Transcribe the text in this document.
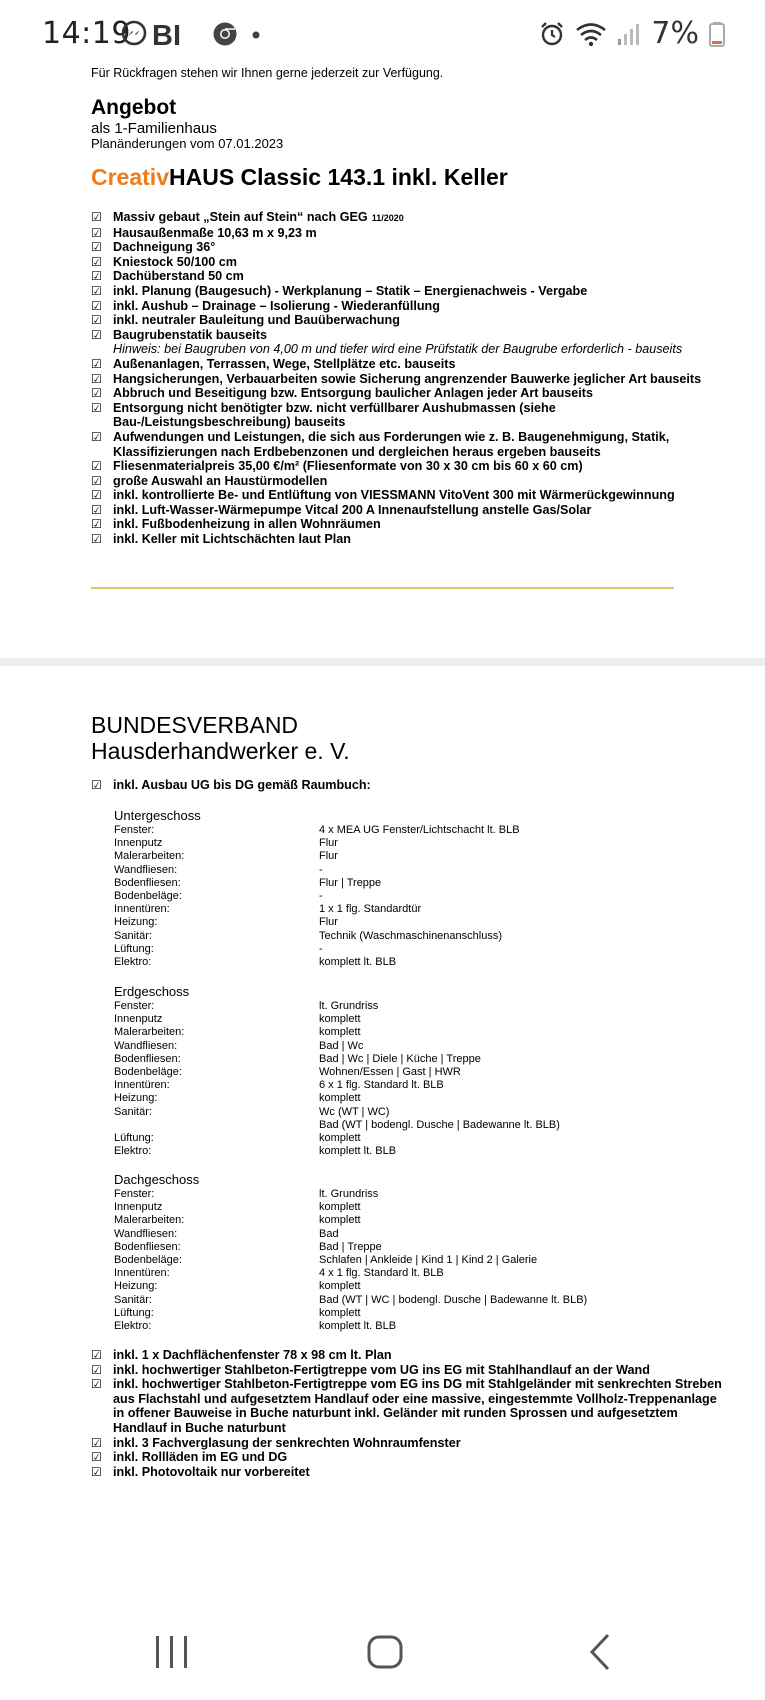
14:19 BI	7%
Für Rückfragen stehen wir Ihnen gerne jederzeit zur Verfügung.
Angebot
als 1-Familienhaus
Planänderungen vom 07.01.2023
CreativHAUS Classic 143.1 inkl. Keller
☑ Massiv gebaut „Stein auf Stein“ nach GEG 11/2020
☑ Hausaußenmaße 10,63 m x 9,23 m
☑ Dachneigung 36°
☑ Kniestock 50/100 cm
☑ Dachüberstand 50 cm
☑ inkl. Planung (Baugesuch) - Werkplanung – Statik – Energienachweis - Vergabe
☑ inkl. Aushub – Drainage – Isolierung - Wiederanfüllung
☑ inkl. neutraler Bauleitung und Bauüberwachung
☑ Baugrubenstatik bauseits
Hinweis: bei Baugruben von 4,00 m und tiefer wird eine Prüfstatik der Baugrube erforderlich - bauseits
☑ Außenanlagen, Terrassen, Wege, Stellplätze etc. bauseits
☑ Hangsicherungen, Verbauarbeiten sowie Sicherung angrenzender Bauwerke jeglicher Art bauseits
☑ Abbruch und Beseitigung bzw. Entsorgung baulicher Anlagen jeder Art bauseits
☑ Entsorgung nicht benötigter bzw. nicht verfüllbarer Aushubmassen (siehe Bau-/Leistungsbeschreibung) bauseits
☑ Aufwendungen und Leistungen, die sich aus Forderungen wie z. B. Baugenehmigung, Statik, Klassifizierungen nach Erdbebenzonen und dergleichen heraus ergeben bauseits
☑ Fliesenmaterialpreis 35,00 €/m² (Fliesenformate von 30 x 30 cm bis 60 x 60 cm)
☑ große Auswahl an Haustürmodellen
☑ inkl. kontrollierte Be- und Entlüftung von VIESSMANN VitoVent 300 mit Wärmerückgewinnung
☑ inkl. Luft-Wasser-Wärmepumpe Vitcal 200 A Innenaufstellung anstelle Gas/Solar
☑ inkl. Fußbodenheizung in allen Wohnräumen
☑ inkl. Keller mit Lichtschächten laut Plan
BUNDESVERBAND
Hausderhandwerker e. V.
☑ inkl. Ausbau UG bis DG gemäß Raumbuch:
Untergeschoss
Fenster:	4 x MEA UG Fenster/Lichtschacht lt. BLB
Innenputz	Flur
Malerarbeiten:	Flur
Wandfliesen:	-
Bodenfliesen:	Flur | Treppe
Bodenbeläge:	-
Innentüren:	1 x 1 flg. Standardtür
Heizung:	Flur
Sanitär:	Technik (Waschmaschinenanschluss)
Lüftung:	-
Elektro:	komplett lt. BLB
Erdgeschoss
Fenster:	lt. Grundriss
Innenputz	komplett
Malerarbeiten:	komplett
Wandfliesen:	Bad | Wc
Bodenfliesen:	Bad | Wc | Diele | Küche | Treppe
Bodenbeläge:	Wohnen/Essen | Gast | HWR
Innentüren:	6 x 1 flg. Standard lt. BLB
Heizung:	komplett
Sanitär:	Wc (WT | WC)
Bad (WT | bodengl. Dusche | Badewanne lt. BLB)
Lüftung:	komplett
Elektro:	komplett lt. BLB
Dachgeschoss
Fenster:	lt. Grundriss
Innenputz	komplett
Malerarbeiten:	komplett
Wandfliesen:	Bad
Bodenfliesen:	Bad | Treppe
Bodenbeläge:	Schlafen | Ankleide | Kind 1 | Kind 2 | Galerie
Innentüren:	4 x 1 flg. Standard lt. BLB
Heizung:	komplett
Sanitär:	Bad (WT | WC | bodengl. Dusche | Badewanne lt. BLB)
Lüftung:	komplett
Elektro:	komplett lt. BLB
☑ inkl. 1 x Dachflächenfenster 78 x 98 cm lt. Plan
☑ inkl. hochwertiger Stahlbeton-Fertigtreppe vom UG ins EG mit Stahlhandlauf an der Wand
☑ inkl. hochwertiger Stahlbeton-Fertigtreppe vom EG ins DG mit Stahlgeländer mit senkrechten Streben aus Flachstahl und aufgesetztem Handlauf oder eine massive, eingestemmte Vollholz-Treppenanlage in offener Bauweise in Buche naturbunt inkl. Geländer mit runden Sprossen und aufgesetztem Handlauf in Buche naturbunt
☑ inkl. 3 Fachverglasung der senkrechten Wohnraumfenster
☑ inkl. Rollläden im EG und DG
☑ inkl. Photovoltaik nur vorbereitet
